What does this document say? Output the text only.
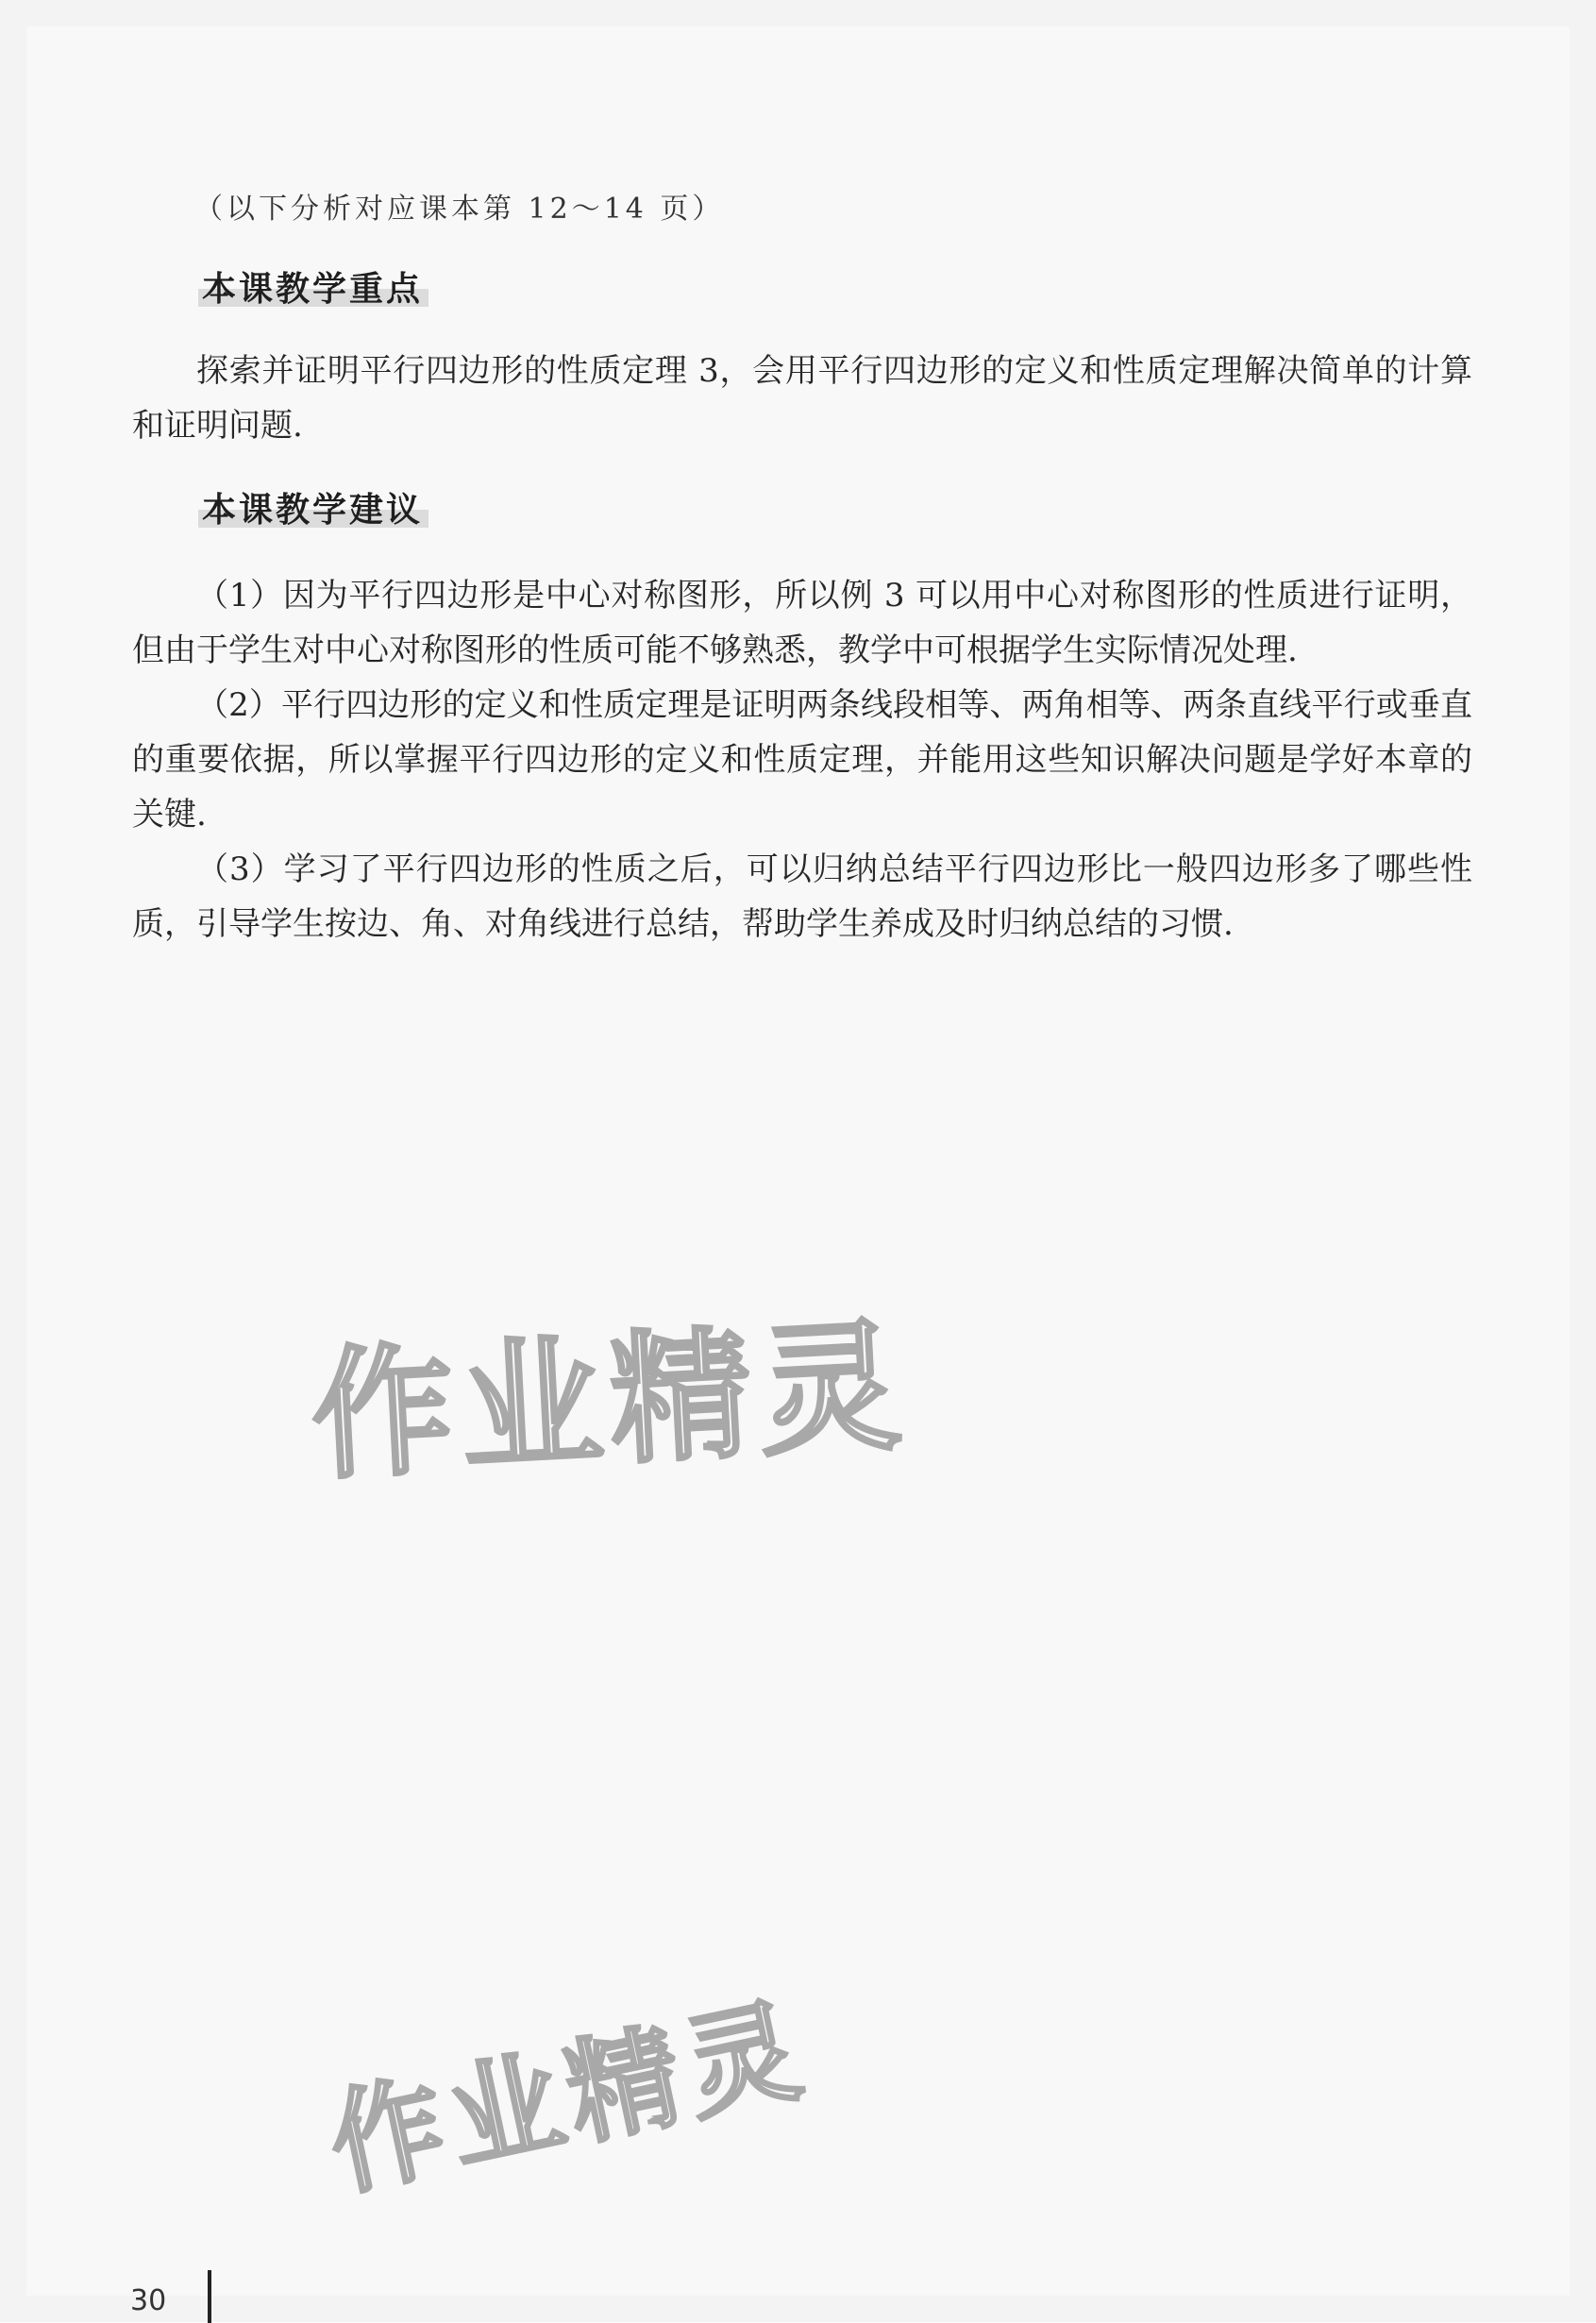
（以下分析对应课本第 12～14 页）
本课教学重点

探索并证明平行四边形的性质定理 3，会用平行四边形的定义和性质定理解决简单的计算和证明问题.

本课教学建议

（1）因为平行四边形是中心对称图形，所以例 3 可以用中心对称图形的性质进行证明，但由于学生对中心对称图形的性质可能不够熟悉，教学中可根据学生实际情况处理.

（2）平行四边形的定义和性质定理是证明两条线段相等、两角相等、两条直线平行或垂直的重要依据，所以掌握平行四边形的定义和性质定理，并能用这些知识解决问题是学好本章的关键.

（3）学习了平行四边形的性质之后，可以归纳总结平行四边形比一般四边形多了哪些性质，引导学生按边、角、对角线进行总结，帮助学生养成及时归纳总结的习惯.

作业精灵
作业精灵
30
